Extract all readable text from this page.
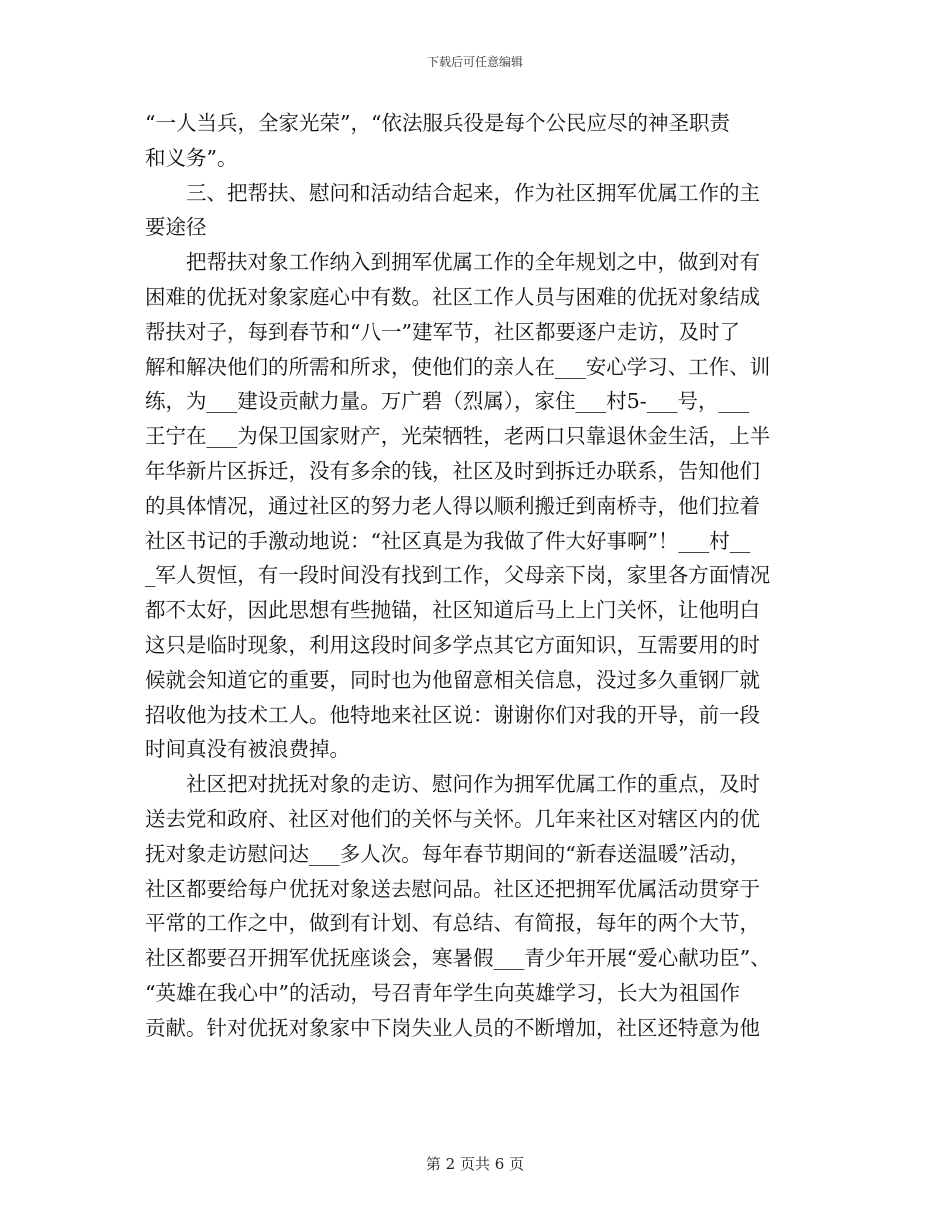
下载后可任意编辑
“一人当兵，全家光荣”，“依法服兵役是每个公民应尽的神圣职责
和义务”。
　　三、把帮扶、慰问和活动结合起来，作为社区拥军优属工作的主
要途径
　　把帮扶对象工作纳入到拥军优属工作的全年规划之中，做到对有
困难的优抚对象家庭心中有数。社区工作人员与困难的优抚对象结成
帮扶对子，每到春节和“八一”建军节，社区都要逐户走访，及时了
解和解决他们的所需和所求，使他们的亲人在___安心学习、工作、训
练，为___建设贡献力量。万广碧（烈属），家住___村5-___号，___
王宁在___为保卫国家财产，光荣牺牲，老两口只靠退休金生活，上半
年华新片区拆迁，没有多余的钱，社区及时到拆迁办联系，告知他们
的具体情况，通过社区的努力老人得以顺利搬迁到南桥寺，他们拉着
社区书记的手激动地说：“社区真是为我做了件大好事啊”！___村__
_军人贺恒，有一段时间没有找到工作，父母亲下岗，家里各方面情况
都不太好，因此思想有些抛锚，社区知道后马上上门关怀，让他明白
这只是临时现象，利用这段时间多学点其它方面知识，互需要用的时
候就会知道它的重要，同时也为他留意相关信息，没过多久重钢厂就
招收他为技术工人。他特地来社区说：谢谢你们对我的开导，前一段
时间真没有被浪费掉。
　　社区把对扰抚对象的走访、慰问作为拥军优属工作的重点，及时
送去党和政府、社区对他们的关怀与关怀。几年来社区对辖区内的优
抚对象走访慰问达___多人次。每年春节期间的“新春送温暖”活动，
社区都要给每户优抚对象送去慰问品。社区还把拥军优属活动贯穿于
平常的工作之中，做到有计划、有总结、有简报，每年的两个大节，
社区都要召开拥军优抚座谈会，寒暑假___青少年开展“爱心献功臣”、
“英雄在我心中”的活动，号召青年学生向英雄学习，长大为祖国作
贡献。针对优抚对象家中下岗失业人员的不断增加，社区还特意为他
第 2 页共 6 页
